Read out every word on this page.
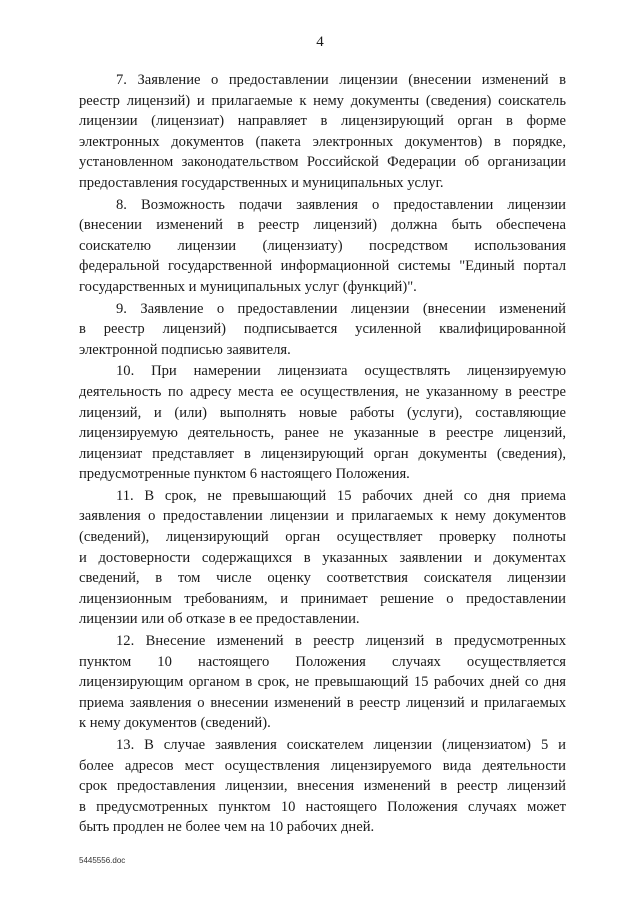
4
7. Заявление о предоставлении лицензии (внесении изменений в
реестр лицензий) и прилагаемые к нему документы (сведения) соискатель
лицензии (лицензиат) направляет в лицензирующий орган в форме
электронных документов (пакета электронных документов) в порядке,
установленном законодательством Российской Федерации об организации
предоставления государственных и муниципальных услуг.
8. Возможность подачи заявления о предоставлении лицензии
(внесении изменений в реестр лицензий) должна быть обеспечена
соискателю лицензии (лицензиату) посредством использования
федеральной государственной информационной системы "Единый портал
государственных и муниципальных услуг (функций)".
9. Заявление о предоставлении лицензии (внесении изменений
в реестр лицензий) подписывается усиленной квалифицированной
электронной подписью заявителя.
10. При намерении лицензиата осуществлять лицензируемую
деятельность по адресу места ее осуществления, не указанному в реестре
лицензий, и (или) выполнять новые работы (услуги), составляющие
лицензируемую деятельность, ранее не указанные в реестре лицензий,
лицензиат представляет в лицензирующий орган документы (сведения),
предусмотренные пунктом 6 настоящего Положения.
11. В срок, не превышающий 15 рабочих дней со дня приема
заявления о предоставлении лицензии и прилагаемых к нему документов
(сведений), лицензирующий орган осуществляет проверку полноты
и достоверности содержащихся в указанных заявлении и документах
сведений, в том числе оценку соответствия соискателя лицензии
лицензионным требованиям, и принимает решение о предоставлении
лицензии или об отказе в ее предоставлении.
12. Внесение изменений в реестр лицензий в предусмотренных
пунктом 10 настоящего Положения случаях осуществляется
лицензирующим органом в срок, не превышающий 15 рабочих дней со дня
приема заявления о внесении изменений в реестр лицензий и прилагаемых
к нему документов (сведений).
13. В случае заявления соискателем лицензии (лицензиатом) 5 и
более адресов мест осуществления лицензируемого вида деятельности
срок предоставления лицензии, внесения изменений в реестр лицензий
в предусмотренных пунктом 10 настоящего Положения случаях может
быть продлен не более чем на 10 рабочих дней.
5445556.doc
